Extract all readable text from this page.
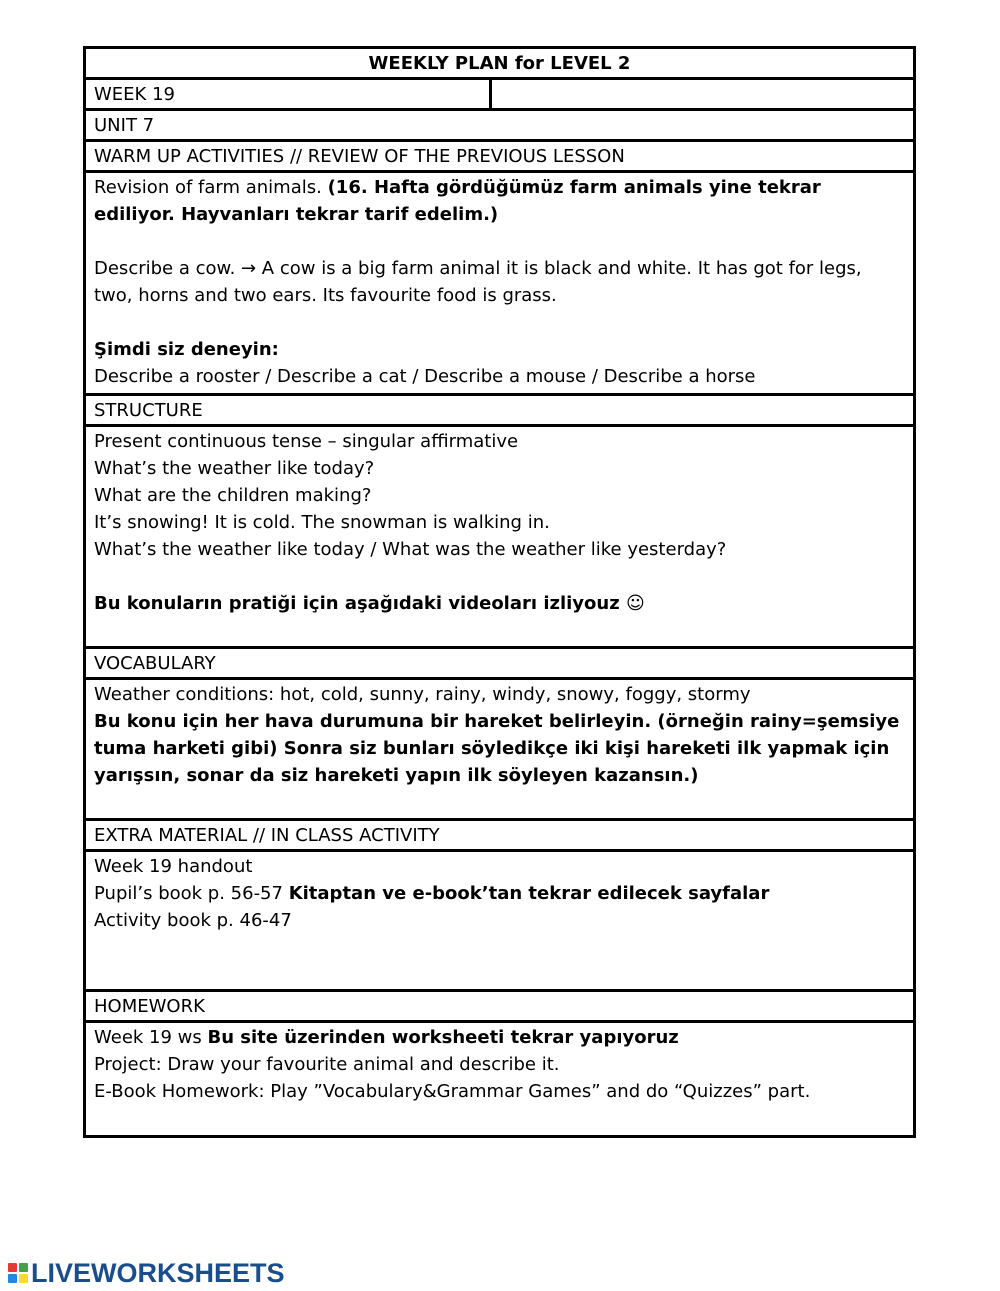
WEEKLY PLAN for LEVEL 2
WEEK 19
UNIT 7
WARM UP ACTIVITIES // REVIEW OF THE PREVIOUS LESSON

Revision of farm animals. (16. Hafta gördüğümüz farm animals yine tekrar ediliyor. Hayvanları tekrar tarif edelim.)

Describe a cow. → A cow is a big farm animal it is black and white. It has got for legs, two, horns and two ears. Its favourite food is grass.

Şimdi siz deneyin:

Describe a rooster / Describe a cat / Describe a mouse / Describe a horse

STRUCTURE

Present continuous tense – singular affirmative

What’s the weather like today?

What are the children making?

It’s snowing! It is cold. The snowman is walking in.

What’s the weather like today / What was the weather like yesterday?

Bu konuların pratiği için aşağıdaki videoları izliyouz ☺

VOCABULARY

Weather conditions: hot, cold, sunny, rainy, windy, snowy, foggy, stormy

Bu konu için her hava durumuna bir hareket belirleyin. (örneğin rainy=şemsiye tuma harketi gibi) Sonra siz bunları söyledikçe iki kişi hareketi ilk yapmak için yarışsın, sonar da siz hareketi yapın ilk söyleyen kazansın.)

EXTRA MATERIAL // IN CLASS ACTIVITY

Week 19 handout

Pupil’s book p. 56-57 Kitaptan ve e-book’tan tekrar edilecek sayfalar

Activity book p. 46-47

HOMEWORK

Week 19 ws Bu site üzerinden worksheeti tekrar yapıyoruz

Project: Draw your favourite animal and describe it.

E-Book Homework: Play ”Vocabulary&Grammar Games” and do “Quizzes” part.

LIVEWORKSHEETS
